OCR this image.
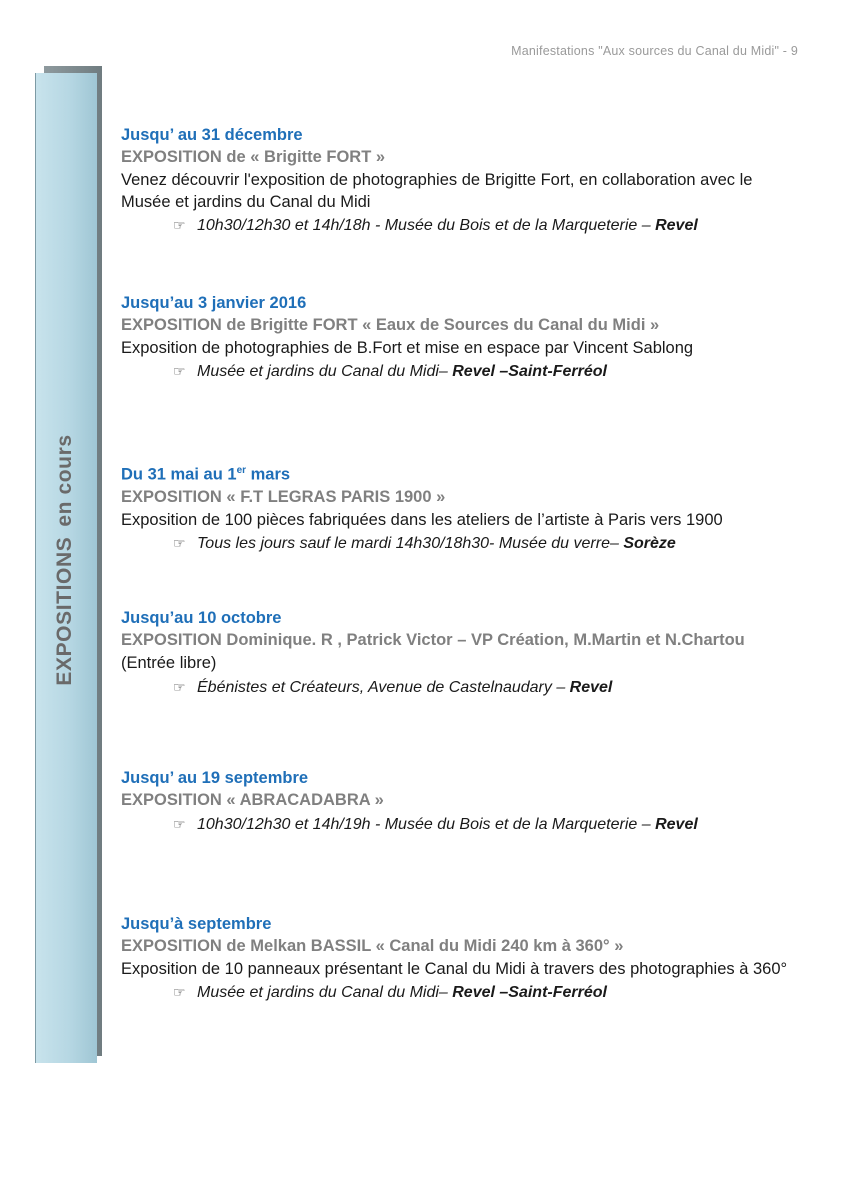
Manifestations "Aux sources du Canal du Midi" - 9
EXPOSITIONSen cours
Jusqu’ au 31 décembre
EXPOSITION de « Brigitte FORT »
Venez découvrir l'exposition de photographies de Brigitte Fort, en collaboration avec le Musée et jardins du Canal du Midi
☞ 10h30/12h30 et 14h/18h - Musée du Bois et de la Marqueterie – Revel
Jusqu’au 3 janvier 2016
EXPOSITION de Brigitte FORT « Eaux de Sources du Canal du Midi »
Exposition de photographies de B.Fort et mise en espace par Vincent Sablong
☞ Musée et jardins du Canal du Midi– Revel –Saint-Ferréol
Du 31 mai au 1er mars
EXPOSITION « F.T LEGRAS PARIS 1900 »
Exposition de 100 pièces fabriquées dans les ateliers de l’artiste à Paris vers 1900
☞ Tous les jours sauf le mardi 14h30/18h30- Musée du verre– Sorèze
Jusqu’au 10 octobre
EXPOSITION Dominique. R , Patrick Victor – VP Création, M.Martin et N.Chartou (Entrée libre)
☞ Ébénistes et Créateurs, Avenue de Castelnaudary – Revel
Jusqu’ au 19 septembre
EXPOSITION « ABRACADABRA »
☞ 10h30/12h30 et 14h/19h - Musée du Bois et de la Marqueterie – Revel
Jusqu’à septembre
EXPOSITION de Melkan BASSIL « Canal du Midi 240 km à 360° »
Exposition de 10 panneaux présentant le Canal du Midi à travers des photographies à 360°
☞ Musée et jardins du Canal du Midi– Revel –Saint-Ferréol
